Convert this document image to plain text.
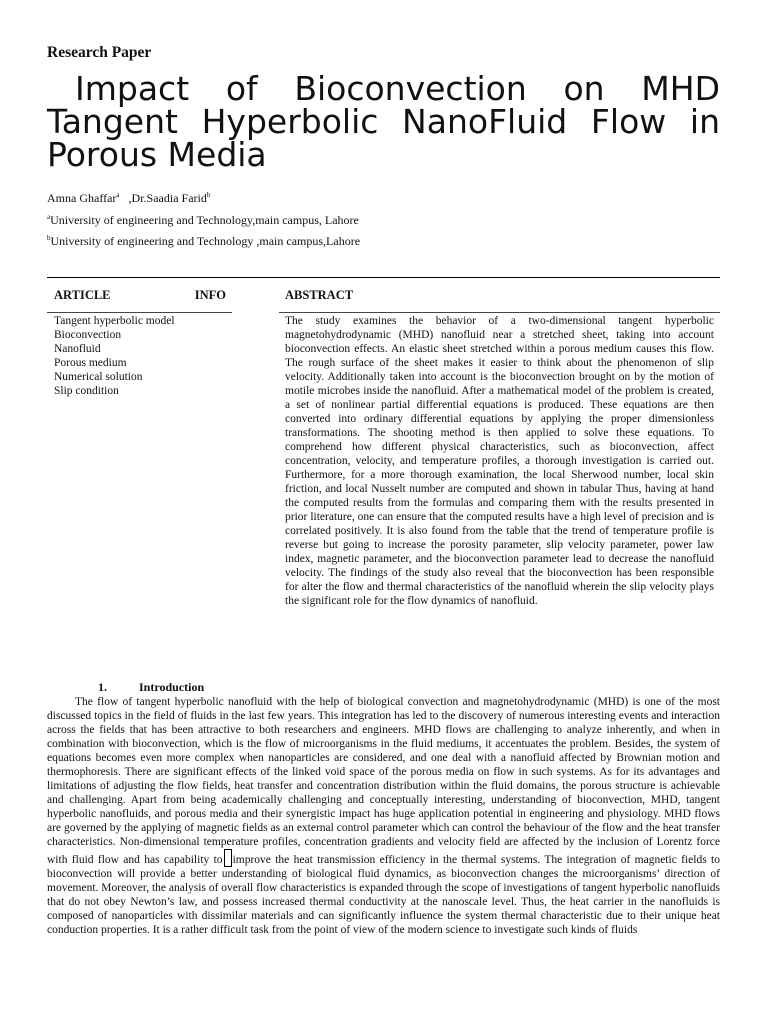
Research Paper
Impact of Bioconvection on MHD Tangent Hyperbolic NanoFluid Flow in Porous Media
Amna Ghaffar$^a$ ,Dr.Saadia Farid$^b$
$^a$University of engineering and Technology,main campus, Lahore
$^b$University of engineering and Technology ,main campus,Lahore
ARTICLE	INFO	ABSTRACT
Tangent hyperbolic model
Bioconvection
Nanofluid
Porous medium
Numerical solution
Slip condition

The study examines the behavior of a two-dimensional tangent hyperbolic magnetohydrodynamic (MHD) nanofluid near a stretched sheet, taking into account bioconvection effects. An elastic sheet stretched within a porous medium causes this flow. The rough surface of the sheet makes it easier to think about the phenomenon of slip velocity. Additionally taken into account is the bioconvection brought on by the motion of motile microbes inside the nanofluid. After a mathematical model of the problem is created, a set of nonlinear partial differential equations is produced. These equations are then converted into ordinary differential equations by applying the proper dimensionless transformations. The shooting method is then applied to solve these equations. To comprehend how different physical characteristics, such as bioconvection, affect concentration, velocity, and temperature profiles, a thorough investigation is carried out. Furthermore, for a more thorough examination, the local Sherwood number, local skin friction, and local Nusselt number are computed and shown in tabular Thus, having at hand the computed results from the formulas and comparing them with the results presented in prior literature, one can ensure that the computed results have a high level of precision and is correlated positively. It is also found from the table that the trend of temperature profile is reverse but going to increase the porosity parameter, slip velocity parameter, power law index, magnetic parameter, and the bioconvection parameter lead to decrease the nanofluid velocity. The findings of the study also reveal that the bioconvection has been responsible for alter the flow and thermal characteristics of the nanofluid wherein the slip velocity plays the significant role for the flow dynamics of nanofluid.

1.	Introduction

The flow of tangent hyperbolic nanofluid with the help of biological convection and magnetohydrodynamic (MHD) is one of the most discussed topics in the field of fluids in the last few years. This integration has led to the discovery of numerous interesting events and interaction across the fields that has been attractive to both researchers and engineers. MHD flows are challenging to analyze inherently, and when in combination with bioconvection, which is the flow of microorganisms in the fluid mediums, it accentuates the problem. Besides, the system of equations becomes even more complex when nanoparticles are considered, and one deal with a nanofluid affected by Brownian motion and thermophoresis. There are significant effects of the linked void space of the porous media on flow in such systems. As for its advantages and limitations of adjusting the flow fields, heat transfer and concentration distribution within the fluid domains, the porous structure is achievable and challenging. Apart from being academically challenging and conceptually interesting, understanding of bioconvection, MHD, tangent hyperbolic nanofluids, and porous media and their synergistic impact has huge application potential in engineering and physiology. MHD flows are governed by the applying of magnetic fields as an external control parameter which can control the behaviour of the flow and the heat transfer characteristics. Non-dimensional temperature profiles, concentration gradients and velocity field are affected by the inclusion of Lorentz force with fluid flow and has capability to improve the heat transmission efficiency in the thermal systems. The integration of magnetic fields to bioconvection will provide a better understanding of biological fluid dynamics, as bioconvection changes the microorganisms’ direction of movement. Moreover, the analysis of overall flow characteristics is expanded through the scope of investigations of tangent hyperbolic nanofluids that do not obey Newton’s law, and possess increased thermal conductivity at the nanoscale level. Thus, the heat carrier in the nanofluids is composed of nanoparticles with dissimilar materials and can significantly influence the system thermal characteristic due to their unique heat conduction properties. It is a rather difficult task from the point of view of the modern science to investigate such kinds of fluids
